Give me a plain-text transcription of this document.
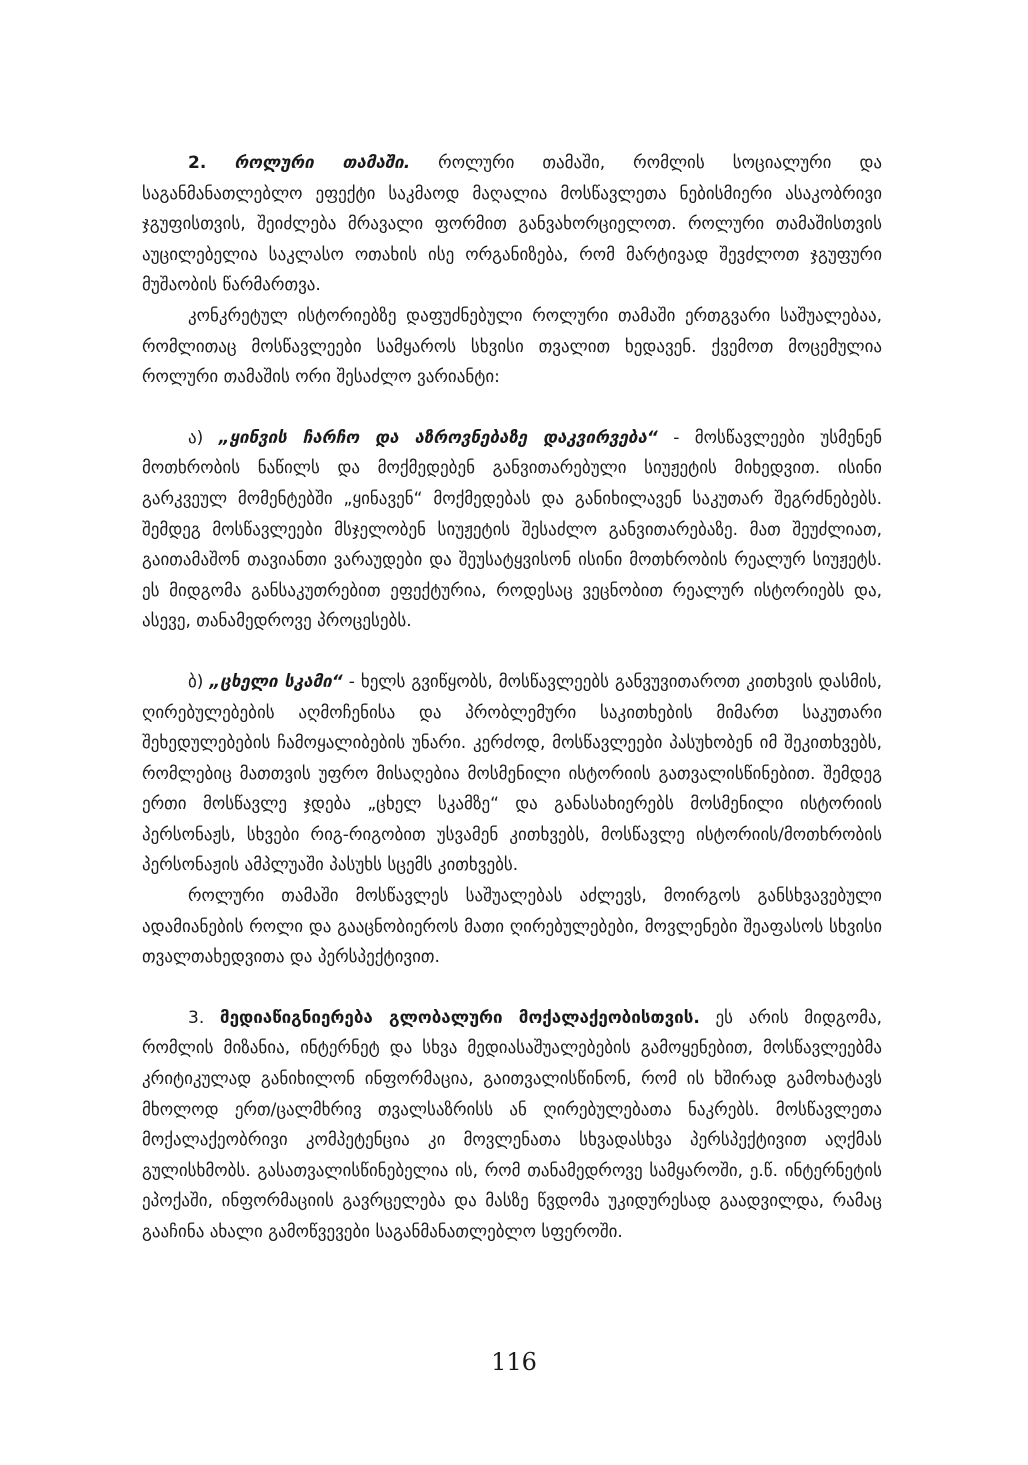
2. როლური თამაში. როლური თამაში, რომლის სოციალური და საგანმანათლებლო ეფექტი საკმაოდ მაღალია მოსწავლეთა ნებისმიერი ასაკობრივი ჯგუფისთვის, შეიძლება მრავალი ფორმით განვახორციელოთ. როლური თამაშისთვის აუცილებელია საკლასო ოთახის ისე ორგანიზება, რომ მარტივად შევძლოთ ჯგუფური მუშაობის წარმართვა.

კონკრეტულ ისტორიებზე დაფუძნებული როლური თამაში ერთგვარი საშუალებაა, რომლითაც მოსწავლეები სამყაროს სხვისი თვალით ხედავენ. ქვემოთ მოცემულია როლური თამაშის ორი შესაძლო ვარიანტი:

ა) „ყინვის ჩარჩო და აზროვნებაზე დაკვირვება“ - მოსწავლეები უსმენენ მოთხრობის ნაწილს და მოქმედებენ განვითარებული სიუჟეტის მიხედვით. ისინი გარკვეულ მომენტებში „ყინავენ“ მოქმედებას და განიხილავენ საკუთარ შეგრძნებებს. შემდეგ მოსწავლეები მსჯელობენ სიუჟეტის შესაძლო განვითარებაზე. მათ შეუძლიათ, გაითამაშონ თავიანთი ვარაუდები და შეუსატყვისონ ისინი მოთხრობის რეალურ სიუჟეტს. ეს მიდგომა განსაკუთრებით ეფექტურია, როდესაც ვეცნობით რეალურ ისტორიებს და, ასევე, თანამედროვე პროცესებს.

ბ) „ცხელი სკამი“ - ხელს გვიწყობს, მოსწავლეებს განვუვითაროთ კითხვის დასმის, ღირებულებების აღმოჩენისა და პრობლემური საკითხების მიმართ საკუთარი შეხედულებების ჩამოყალიბების უნარი. კერძოდ, მოსწავლეები პასუხობენ იმ შეკითხვებს, რომლებიც მათთვის უფრო მისაღებია მოსმენილი ისტორიის გათვალისწინებით. შემდეგ ერთი მოსწავლე ჯდება „ცხელ სკამზე“ და განასახიერებს მოსმენილი ისტორიის პერსონაჟს, სხვები რიგ-რიგობით უსვამენ კითხვებს, მოსწავლე ისტორიის/მოთხრობის პერსონაჟის ამპლუაში პასუხს სცემს კითხვებს.

როლური თამაში მოსწავლეს საშუალებას აძლევს, მოირგოს განსხვავებული ადამიანების როლი და გააცნობიეროს მათი ღირებულებები, მოვლენები შეაფასოს სხვისი თვალთახედვითა და პერსპექტივით.

3. მედიაწიგნიერება გლობალური მოქალაქეობისთვის. ეს არის მიდგომა, რომლის მიზანია, ინტერნეტ და სხვა მედიასაშუალებების გამოყენებით, მოსწავლეებმა კრიტიკულად განიხილონ ინფორმაცია, გაითვალისწინონ, რომ ის ხშირად გამოხატავს მხოლოდ ერთ/ცალმხრივ თვალსაზრისს ან ღირებულებათა ნაკრებს. მოსწავლეთა მოქალაქეობრივი კომპეტენცია კი მოვლენათა სხვადასხვა პერსპექტივით აღქმას გულისხმობს. გასათვალისწინებელია ის, რომ თანამედროვე სამყაროში, ე.წ. ინტერნეტის ეპოქაში, ინფორმაციის გავრცელება და მასზე წვდომა უკიდურესად გაადვილდა, რამაც გააჩინა ახალი გამოწვევები საგანმანათლებლო სფეროში.

116
